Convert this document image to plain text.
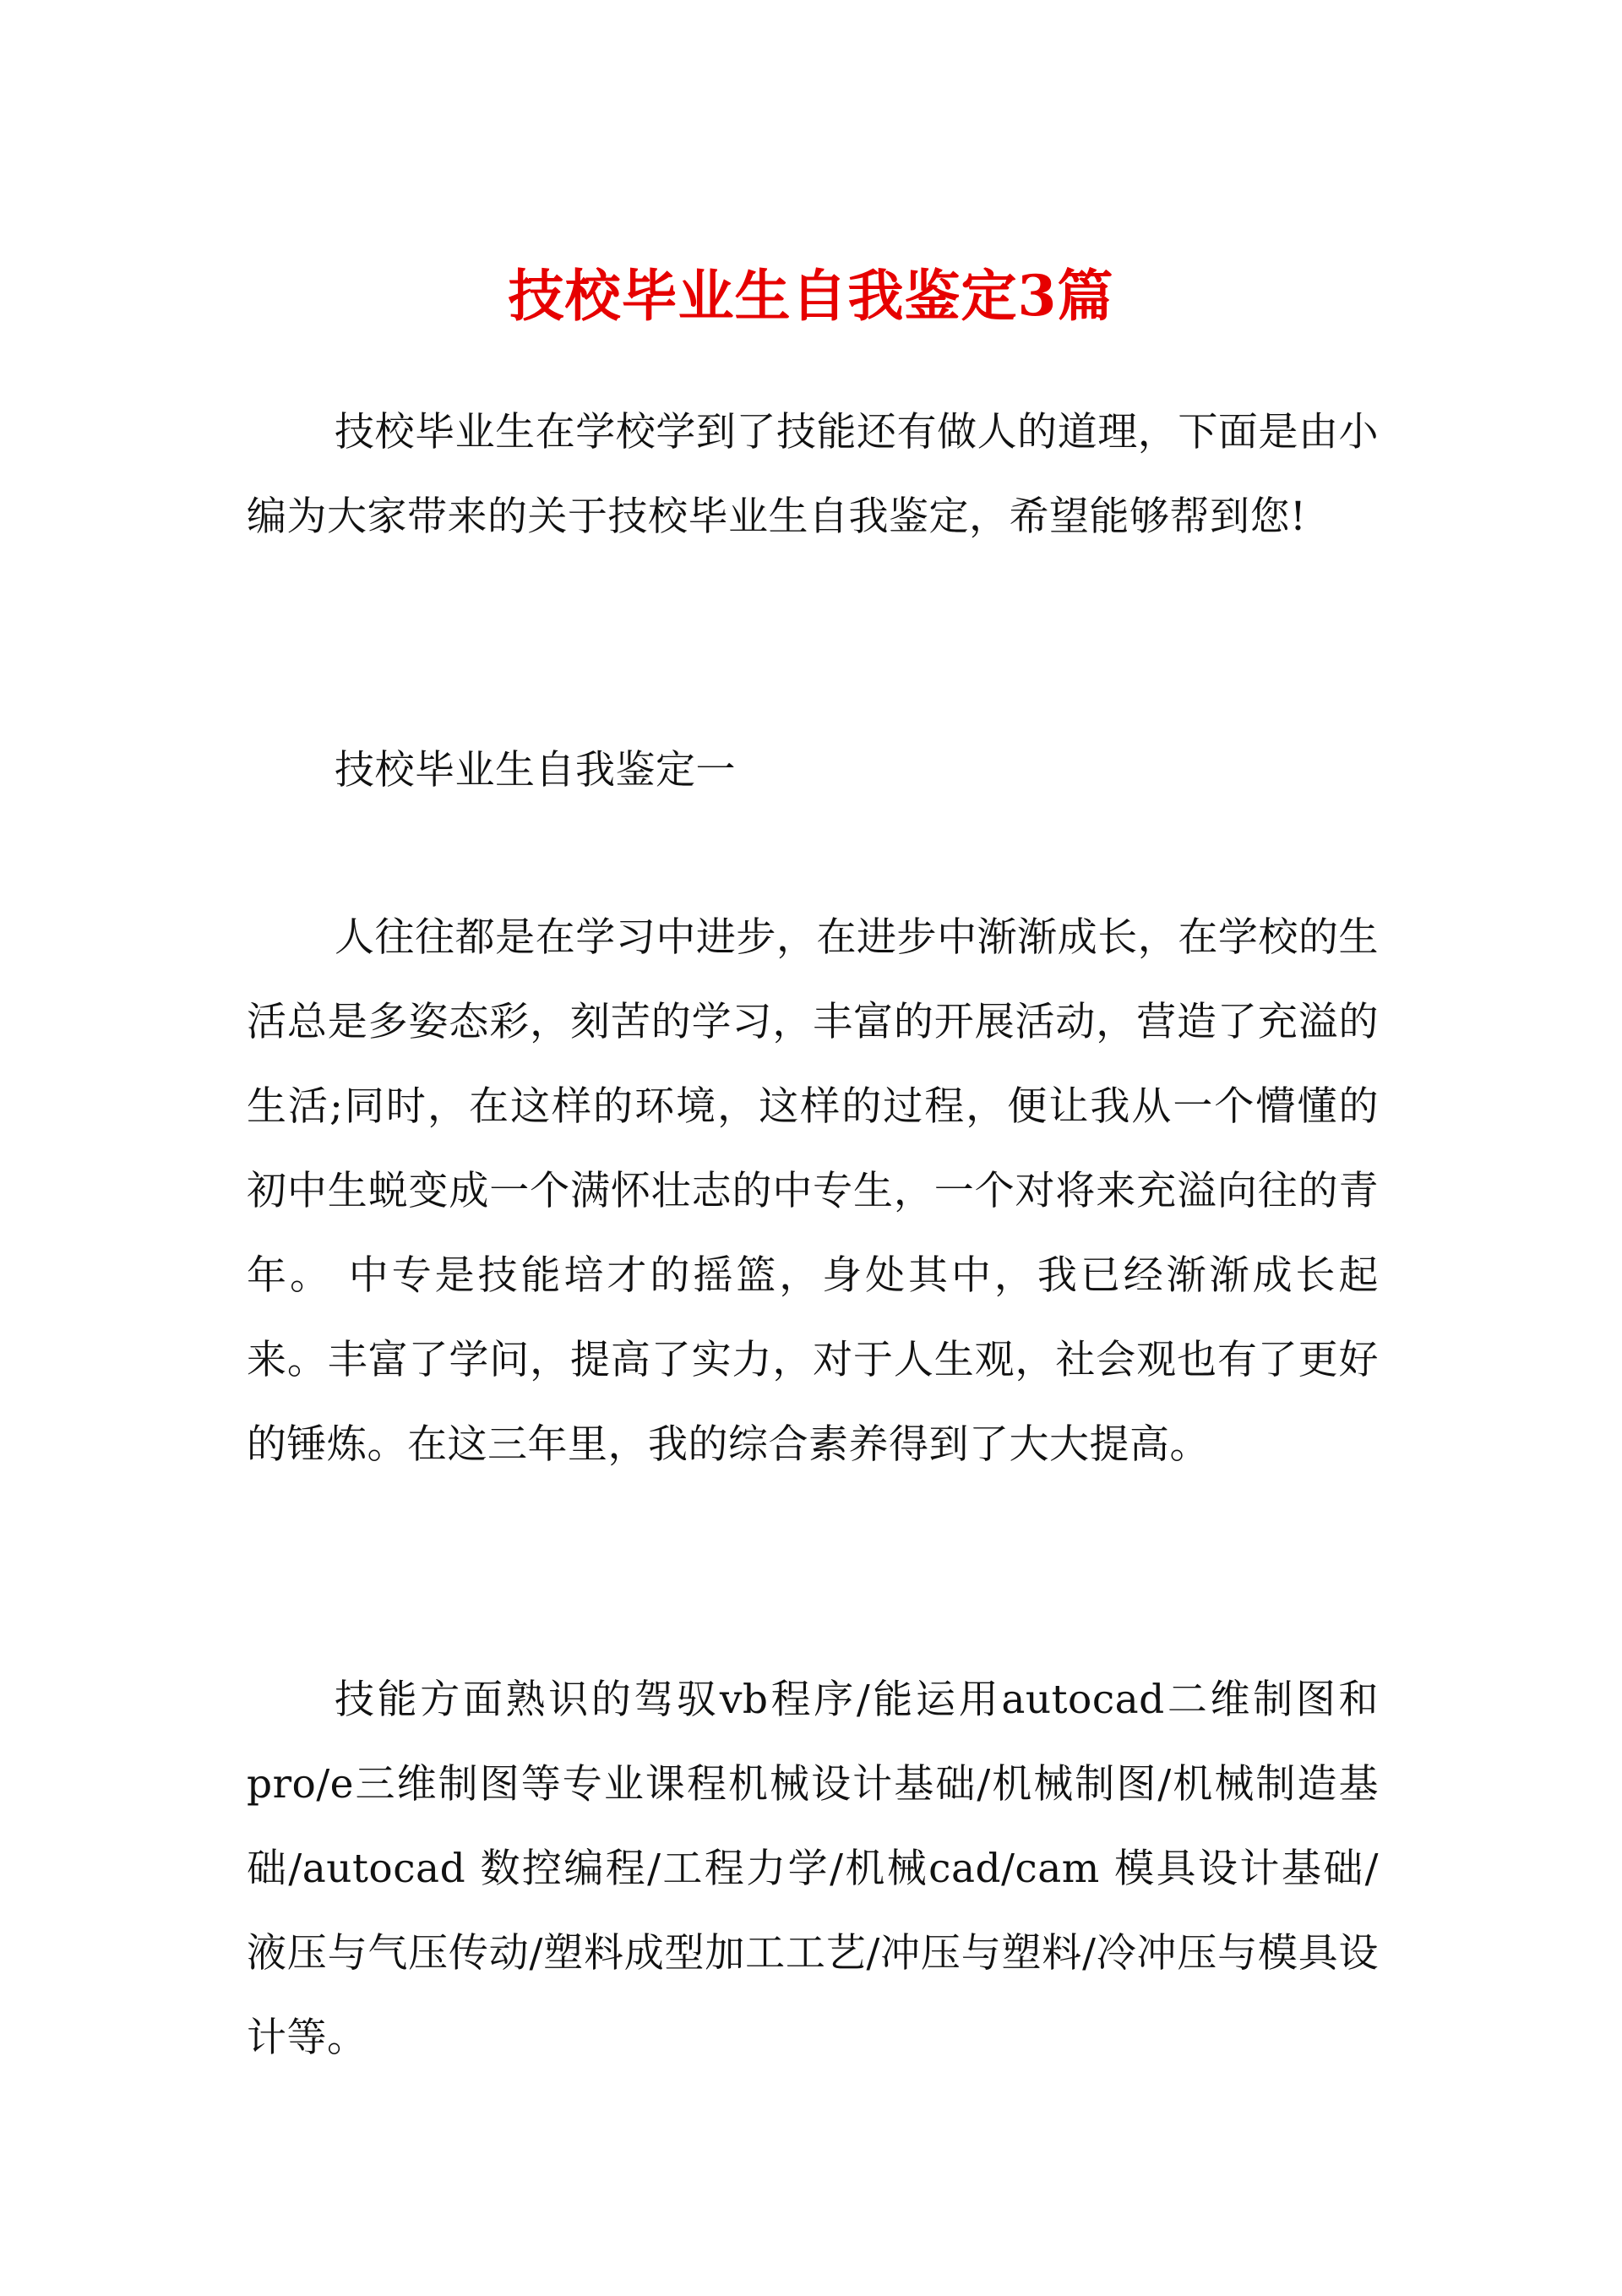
技校毕业生自我鉴定3篇
技校毕业生在学校学到了技能还有做人的道理，下面是由小编为大家带来的关于技校毕业生自我鉴定，希望能够帮到您!
技校毕业生自我鉴定一
人往往都是在学习中进步，在进步中渐渐成长，在学校的生活总是多姿态彩，刻苦的学习，丰富的开展活动，营造了充溢的生活;同时，在这样的环境，这样的过程，便让我从一个懵懂的初中生蜕变成一个满怀壮志的中专生，一个对将来充溢向往的青年。 中专是技能培才的摇篮，身处其中，我已经渐渐成长起来。丰富了学问，提高了实力，对于人生观，社会观也有了更好的锤炼。在这三年里，我的综合素养得到了大大提高。
技能方面熟识的驾驭vb程序/能运用autocad二维制图和pro/e三维制图等专业课程机械设计基础/机械制图/机械制造基础/autocad 数控编程/工程力学/机械cad/cam 模具设计基础/液压与气压传动/塑料成型加工工艺/冲压与塑料/冷冲压与模具设计等。
